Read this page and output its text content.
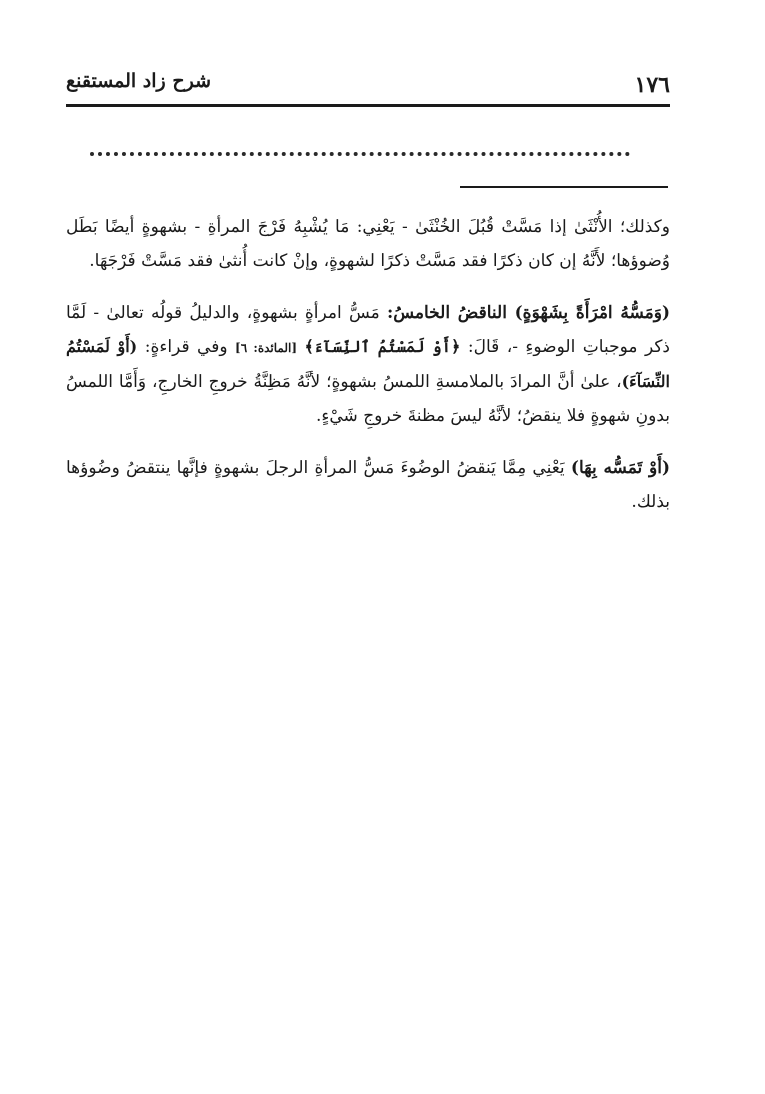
١٧٦
شرح زاد المستقنع

وكذلك؛ الأُنْثَىٰ إذا مَسَّتْ قُبُلَ الخُنْثَىٰ - يَعْنِي: مَا يُشْبِهُ فَرْجَ المرأةِ - بشهوةٍ أيضًا بَطَل وُضوؤها؛ لأَنَّهُ إن كان ذكرًا فقد مَسَّتْ ذكرًا لشهوةٍ، وإنْ كانت أُنثىٰ فقد مَسَّتْ فَرْجَهَا.

(وَمَسُّهُ امْرَأَةً بِشَهْوَةٍ) الناقضُ الخامسُ: مَسُّ امرأةٍ بشهوةٍ، والدليلُ قولُه تعالىٰ - لَمَّا ذكر موجباتِ الوضوءِ -، قَالَ: ﴿أَوْ لَمَسْتُمُ ٱلنِّسَآءَ﴾ [المائدة: ٦] وفي قراءةٍ: (أَوْ لَمَسْتُمُ النِّسَآءَ)، علىٰ أنَّ المرادَ بالملامسةِ اللمسُ بشهوةٍ؛ لأنَّهُ مَظِنَّةُ خروجِ الخارجِ، وَأَمَّا اللمسُ بدونِ شهوةٍ فلا ينقضُ؛ لأنَّهُ ليسَ مظنةَ خروجِ شَيْءٍ.

(أَوْ تَمَسُّه بِهَا) يَعْنِي مِمَّا يَنقضُ الوضُوءَ مَسُّ المرأةِ الرجلَ بشهوةٍ فإنَّها ينتقضُ وضُوؤها بذلك.
